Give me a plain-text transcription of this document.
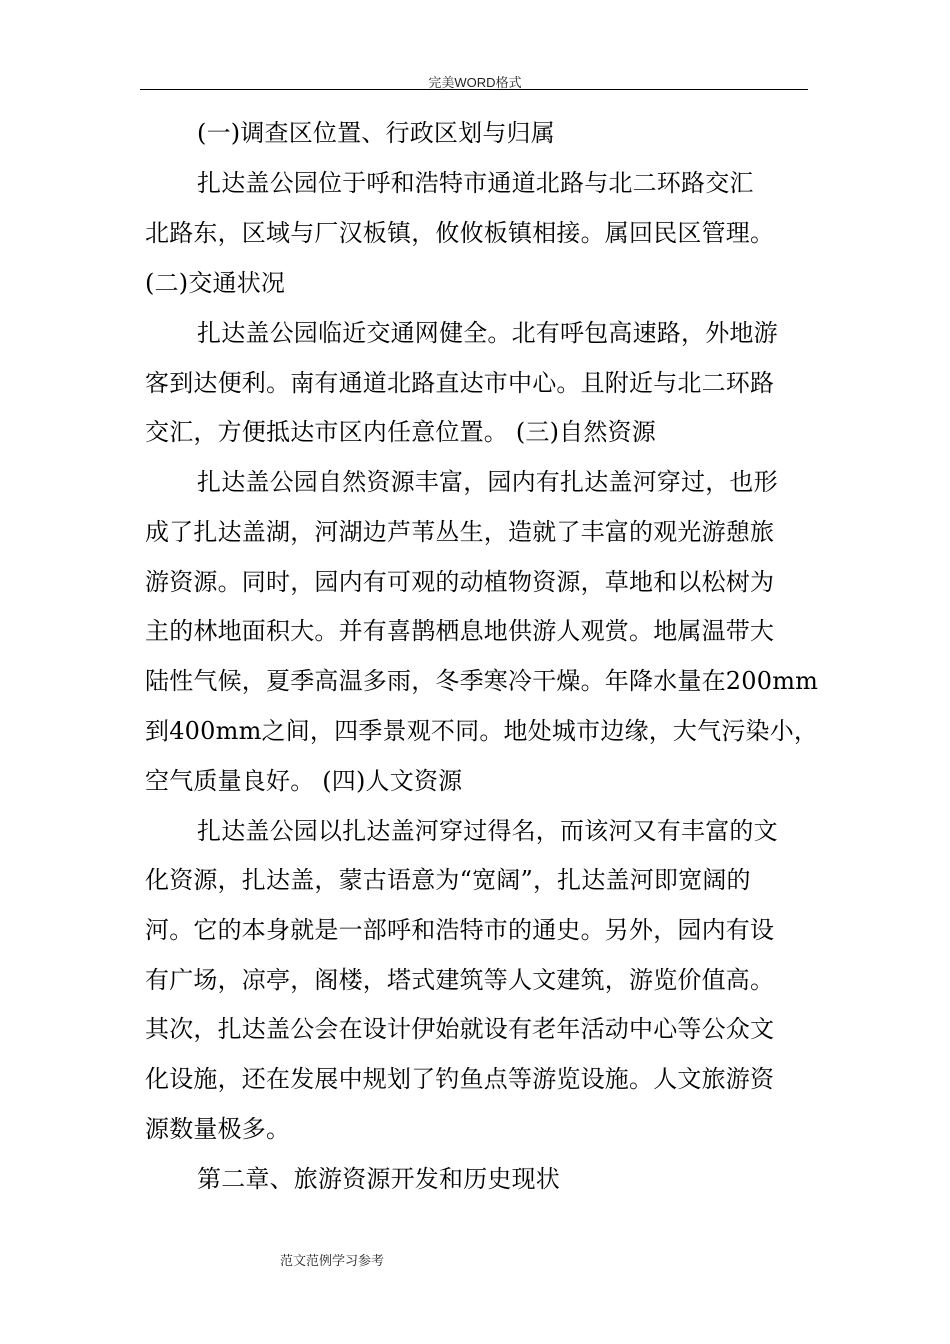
完美WORD格式
(一)调查区位置、行政区划与归属
扎达盖公园位于呼和浩特市通道北路与北二环路交汇
北路东，区域与厂汉板镇，攸攸板镇相接。属回民区管理。
(二)交通状况
扎达盖公园临近交通网健全。北有呼包高速路，外地游
客到达便利。南有通道北路直达市中心。且附近与北二环路
交汇，方便抵达市区内任意位置。 (三)自然资源
扎达盖公园自然资源丰富，园内有扎达盖河穿过，也形
成了扎达盖湖，河湖边芦苇丛生，造就了丰富的观光游憩旅
游资源。同时，园内有可观的动植物资源，草地和以松树为
主的林地面积大。并有喜鹊栖息地供游人观赏。地属温带大
陆性气候，夏季高温多雨，冬季寒冷干燥。年降水量在200mm
到400mm之间，四季景观不同。地处城市边缘，大气污染小，
空气质量良好。 (四)人文资源
扎达盖公园以扎达盖河穿过得名，而该河又有丰富的文
化资源，扎达盖，蒙古语意为“宽阔”，扎达盖河即宽阔的
河。它的本身就是一部呼和浩特市的通史。另外，园内有设
有广场，凉亭，阁楼，塔式建筑等人文建筑，游览价值高。
其次，扎达盖公会在设计伊始就设有老年活动中心等公众文
化设施，还在发展中规划了钓鱼点等游览设施。人文旅游资
源数量极多。
第二章、旅游资源开发和历史现状
范文范例学习参考
